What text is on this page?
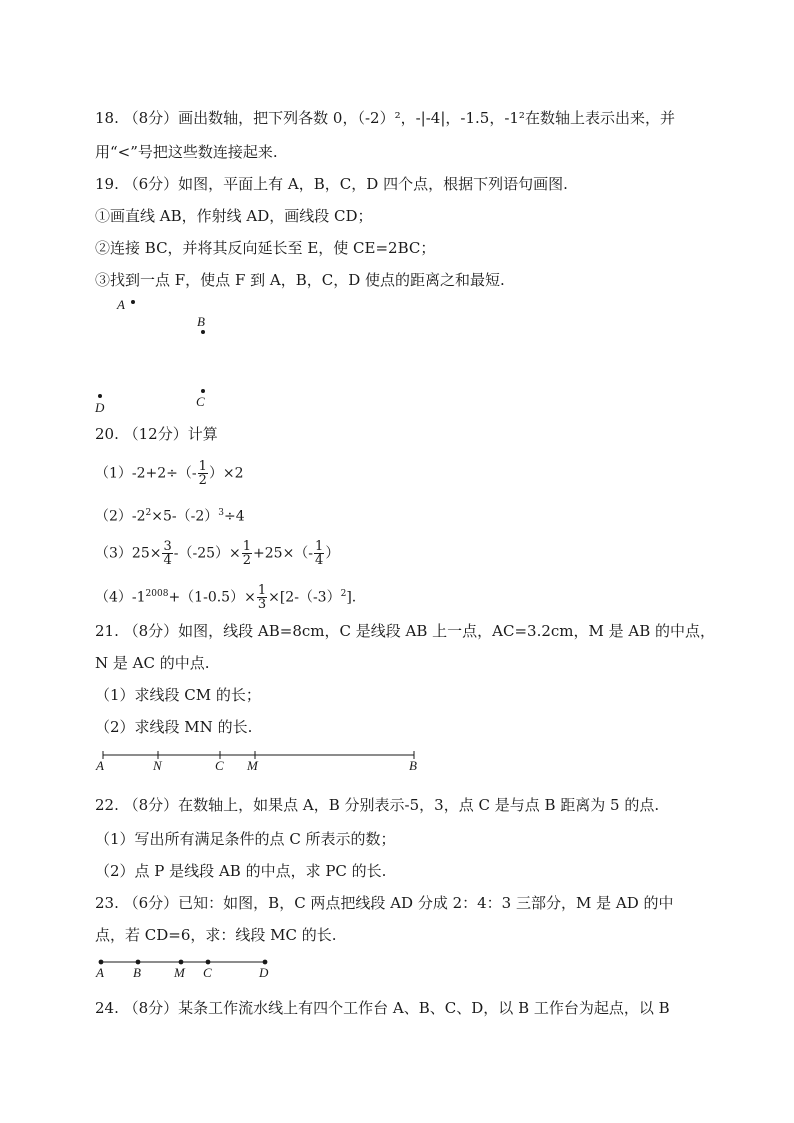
18. （8分）画出数轴，把下列各数 0，（-2）²，-|-4|，-1.5，-1²在数轴上表示出来，并
用“<”号把这些数连接起来.
19. （6分）如图，平面上有 A，B，C，D 四个点，根据下列语句画图.
①画直线 AB，作射线 AD，画线段 CD；
②连接 BC，并将其反向延长至 E，使 CE=2BC；
③找到一点 F，使点 F 到 A，B，C，D 使点的距离之和最短.
A
B
D	C
20. （12分）计算
$(1)-2+2\div(- \frac{1}{2} )\times 2$
$(2)-2^2\times 5-(-2)^3\div 4$
$(3)25\times \frac{3}{4} -(-25)\times \frac{1}{2} +25\times(- \frac{1}{4}$ ）
$(4)-1^{2008}+(1-0.5)\times \frac{1}{3} \times[2-(-3)^2]$.
21. （8分）如图，线段 AB=8cm，C 是线段 AB 上一点，AC=3.2cm，M 是 AB 的中点，
N 是 AC 的中点.
（1）求线段 CM 的长；
（2）求线段 MN 的长.
A	N	C M	B
22. （8分）在数轴上，如果点 A，B 分别表示-5，3，点 C 是与点 B 距离为 5 的点.
（1）写出所有满足条件的点 C 所表示的数；
（2）点 P 是线段 AB 的中点，求 PC 的长.
23. （6分）已知：如图，B，C 两点把线段 AD 分成 2：4：3 三部分，M 是 AD 的中
点，若 CD=6，求：线段 MC 的长.
A B	M C	D
24. （8分）某条工作流水线上有四个工作台 A、B、C、D，以 B 工作台为起点，以 B
